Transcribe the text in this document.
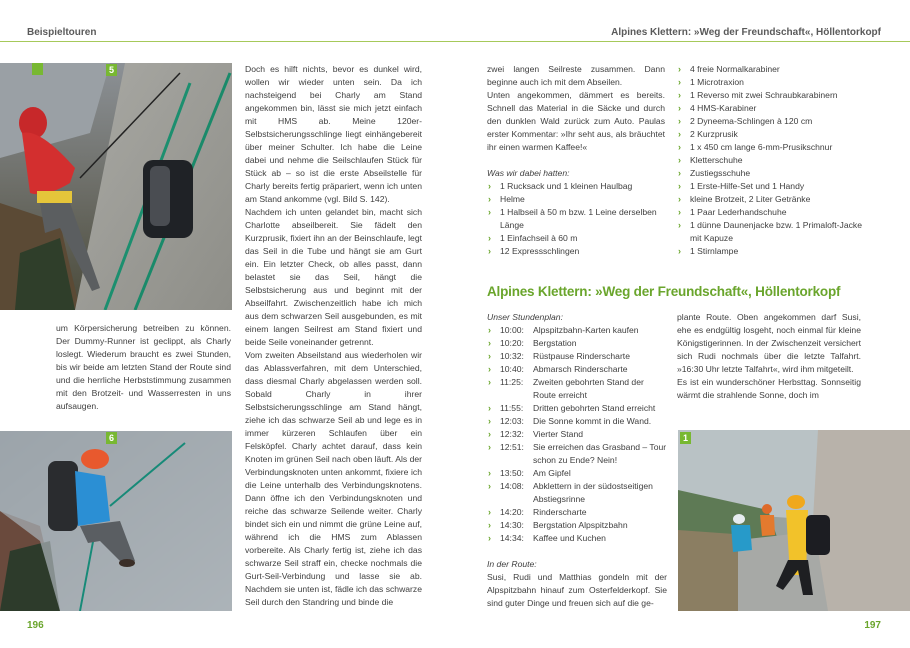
Beispieltouren	Alpines Klettern: »Weg der Freundschaft«, Höllentorkopf
5
6	1

um Körpersicherung betreiben zu können. Der Dummy-Runner ist geclippt, als Charly loslegt. Wiederum braucht es zwei Stunden, bis wir beide am letzten Stand der Route sind und die herrliche Herbststimmung zusammen mit den Brotzeit- und Wasserresten in uns aufsaugen.

Doch es hilft nichts, bevor es dunkel wird, wollen wir wieder unten sein. Da ich nachsteigend bei Charly am Stand angekommen bin, lässt sie mich jetzt einfach mit HMS ab. Meine 120er-Selbstsicherungsschlinge liegt einhängebereit über meiner Schulter. Ich habe die Leine dabei und nehme die Seilschlaufen Stück für Stück ab – so ist die erste Abseilstelle für Charly bereits fertig präpariert, wenn ich unten am Stand ankomme (vgl. Bild S. 142).

Nachdem ich unten gelandet bin, macht sich Charlotte abseilbereit. Sie fädelt den Kurzprusik, fixiert ihn an der Beinschlaufe, legt das Seil in die Tube und hängt sie am Gurt ein. Ein letzter Check, ob alles passt, dann belastet sie das Seil, hängt die Selbstsicherung aus und beginnt mit der Abseilfahrt. Zwischenzeitlich habe ich mich aus dem schwarzen Seil ausgebunden, es mit einem langen Seilrest am Stand fixiert und beide Seile voneinander getrennt.

Vom zweiten Abseilstand aus wiederholen wir das Ablassverfahren, mit dem Unterschied, dass diesmal Charly abgelassen werden soll. Sobald Charly in ihrer Selbstsicherungsschlinge am Stand hängt, ziehe ich das schwarze Seil ab und lege es in immer kürzeren Schlaufen über ein Felsköpfel. Charly achtet darauf, dass kein Knoten im grünen Seil nach oben läuft. Als der Verbindungsknoten unten ankommt, fixiere ich die Leine unterhalb des Verbindungsknotens. Dann öffne ich den Verbindungsknoten und reiche das schwarze Seilende weiter. Charly bindet sich ein und nimmt die grüne Leine auf, während ich die HMS zum Ablassen vorbereite. Als Charly fertig ist, ziehe ich das schwarze Seil straff ein, checke nochmals die Gurt-Seil-Verbindung und lasse sie ab. Nachdem sie unten ist, fädle ich das schwarze Seil durch den Standring und binde die

zwei langen Seilreste zusammen. Dann beginne auch ich mit dem Abseilen.

Unten angekommen, dämmert es bereits. Schnell das Material in die Säcke und durch den dunklen Wald zurück zum Auto. Paulas erster Kommentar: »Ihr seht aus, als bräuchtet ihr einen warmen Kaffee!«

Was wir dabei hatten:

› 1 Rucksack und 1 kleinen Haulbag
› Helme
› 1 Halbseil à 50 m bzw. 1 Leine derselben Länge
› 1 Einfachseil à 60 m
› 12 Expressschlingen
› 4 freie Normalkarabiner
› 1 Microtraxion
› 1 Reverso mit zwei Schraubkarabinern
› 4 HMS-Karabiner
› 2 Dyneema-Schlingen à 120 cm
› 2 Kurzprusik
› 1 x 450 cm lange 6-mm-Prusikschnur
› Kletterschuhe
› Zustiegsschuhe
› 1 Erste-Hilfe-Set und 1 Handy
› kleine Brotzeit, 2 Liter Getränke
› 1 Paar Lederhandschuhe
› 1 dünne Daunenjacke bzw. 1 Primaloft-Jacke mit Kapuze
› 1 Stirnlampe
Alpines Klettern: »Weg der Freundschaft«, Höllentorkopf

Unser Stundenplan:

› 10:00:	Alpspitzbahn-Karten kaufen
› 10:20:	Bergstation
› 10:32:	Rüstpause Rinderscharte
› 10:40:	Abmarsch Rinderscharte
› 11:25:	Zweiten gebohrten Stand der Route erreicht
› 11:55:	Dritten gebohrten Stand erreicht
› 12:03:	Die Sonne kommt in die Wand.
› 12:32:	Vierter Stand
› 12:51:	Sie erreichen das Grasband – Tour schon zu Ende? Nein!
› 13:50:	Am Gipfel
› 14:08:	Abklettern in der südostseitigen Abstiegsrinne
› 14:20:	Rinderscharte
› 14:30:	Bergstation Alpspitzbahn
› 14:34:	Kaffee und Kuchen

In der Route:

Susi, Rudi und Matthias gondeln mit der Alpspitzbahn hinauf zum Osterfelderkopf. Sie sind guter Dinge und freuen sich auf die ge-

plante Route. Oben angekommen darf Susi, ehe es endgültig losgeht, noch einmal für kleine Königstigerinnen. In der Zwischenzeit versichert sich Rudi nochmals über die letzte Talfahrt. »16:30 Uhr letzte Talfahrt«, wird ihm mitgeteilt.

Es ist ein wunderschöner Herbsttag. Sonnseitig wärmt die strahlende Sonne, doch im

196	197
